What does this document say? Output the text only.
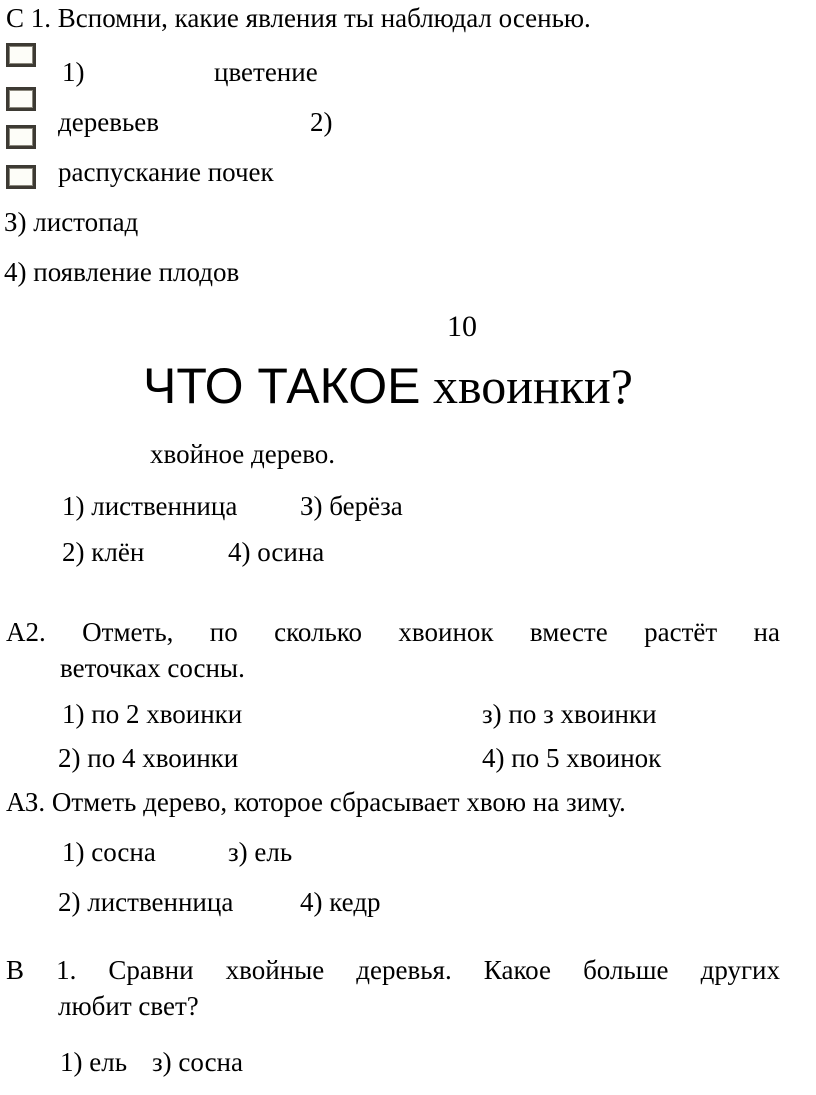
С 1. Вспомни, какие явления ты наблюдал осенью.
1)	цветение
деревьев	2)
распускание почек
З) листопад
4) появление плодов
10
ЧТО ТАКОЕ хвоинки?
хвойное дерево.
1) лиственница З) берёза
2) клён	4) осина
А2. Отметь, по сколько хвоинок вместе растёт на
веточках сосны.
1) по 2 хвоинки	з) по з хвоинки
2) по 4 хвоинки	4) по 5 хвоинок
АЗ. Отметь дерево, которое сбрасывает хвою на зиму.
1) сосна	з) ель
2) лиственница 4) кедр
В 1. Сравни хвойные деревья. Какое больше других
любит свет?
1) ель з) сосна
